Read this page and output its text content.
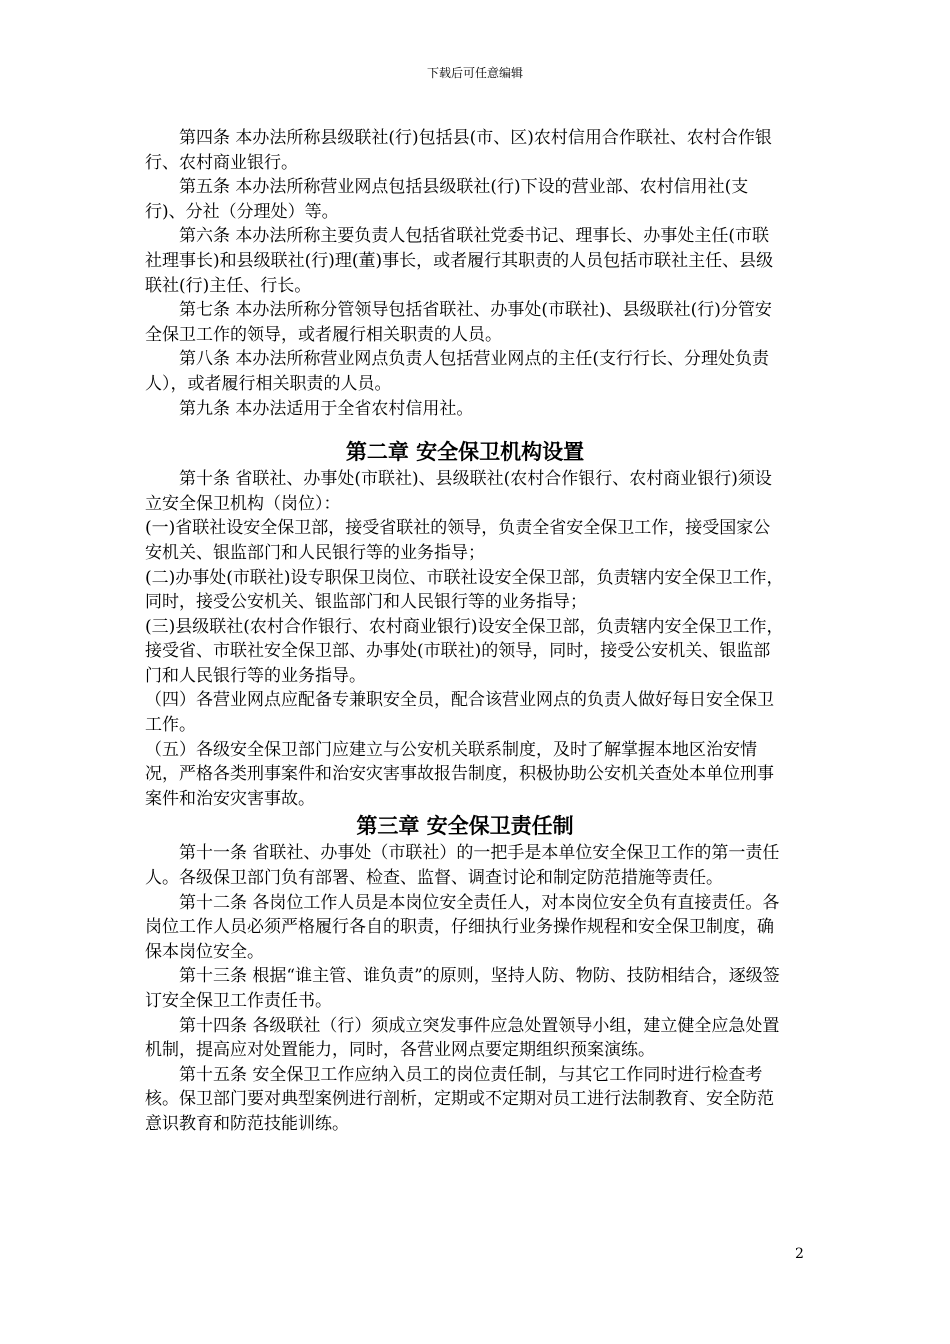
下载后可任意编辑

第四条 本办法所称县级联社(行)包括县(市、区)农村信用合作联社、农村合作银行、农村商业银行。

第五条 本办法所称营业网点包括县级联社(行)下设的营业部、农村信用社(支行)、分社（分理处）等。

第六条 本办法所称主要负责人包括省联社党委书记、理事长、办事处主任(市联社理事长)和县级联社(行)理(董)事长，或者履行其职责的人员包括市联社主任、县级联社(行)主任、行长。

第七条 本办法所称分管领导包括省联社、办事处(市联社)、县级联社(行)分管安全保卫工作的领导，或者履行相关职责的人员。

第八条 本办法所称营业网点负责人包括营业网点的主任(支行行长、分理处负责人），或者履行相关职责的人员。

第九条 本办法适用于全省农村信用社。

第二章 安全保卫机构设置

第十条 省联社、办事处(市联社)、县级联社(农村合作银行、农村商业银行)须设立安全保卫机构（岗位）：

(一)省联社设安全保卫部，接受省联社的领导，负责全省安全保卫工作，接受国家公安机关、银监部门和人民银行等的业务指导；

(二)办事处(市联社)设专职保卫岗位、市联社设安全保卫部，负责辖内安全保卫工作，同时，接受公安机关、银监部门和人民银行等的业务指导；

(三)县级联社(农村合作银行、农村商业银行)设安全保卫部，负责辖内安全保卫工作，接受省、市联社安全保卫部、办事处(市联社)的领导，同时，接受公安机关、银监部门和人民银行等的业务指导。

（四）各营业网点应配备专兼职安全员，配合该营业网点的负责人做好每日安全保卫工作。

（五）各级安全保卫部门应建立与公安机关联系制度，及时了解掌握本地区治安情况，严格各类刑事案件和治安灾害事故报告制度，积极协助公安机关查处本单位刑事案件和治安灾害事故。

第三章 安全保卫责任制

第十一条 省联社、办事处（市联社）的一把手是本单位安全保卫工作的第一责任人。各级保卫部门负有部署、检查、监督、调查讨论和制定防范措施等责任。

第十二条 各岗位工作人员是本岗位安全责任人，对本岗位安全负有直接责任。各岗位工作人员必须严格履行各自的职责，仔细执行业务操作规程和安全保卫制度，确保本岗位安全。

第十三条 根据“谁主管、谁负责”的原则，坚持人防、物防、技防相结合，逐级签订安全保卫工作责任书。

第十四条 各级联社（行）须成立突发事件应急处置领导小组，建立健全应急处置机制，提高应对处置能力，同时，各营业网点要定期组织预案演练。

第十五条 安全保卫工作应纳入员工的岗位责任制，与其它工作同时进行检查考核。保卫部门要对典型案例进行剖析，定期或不定期对员工进行法制教育、安全防范意识教育和防范技能训练。

2
